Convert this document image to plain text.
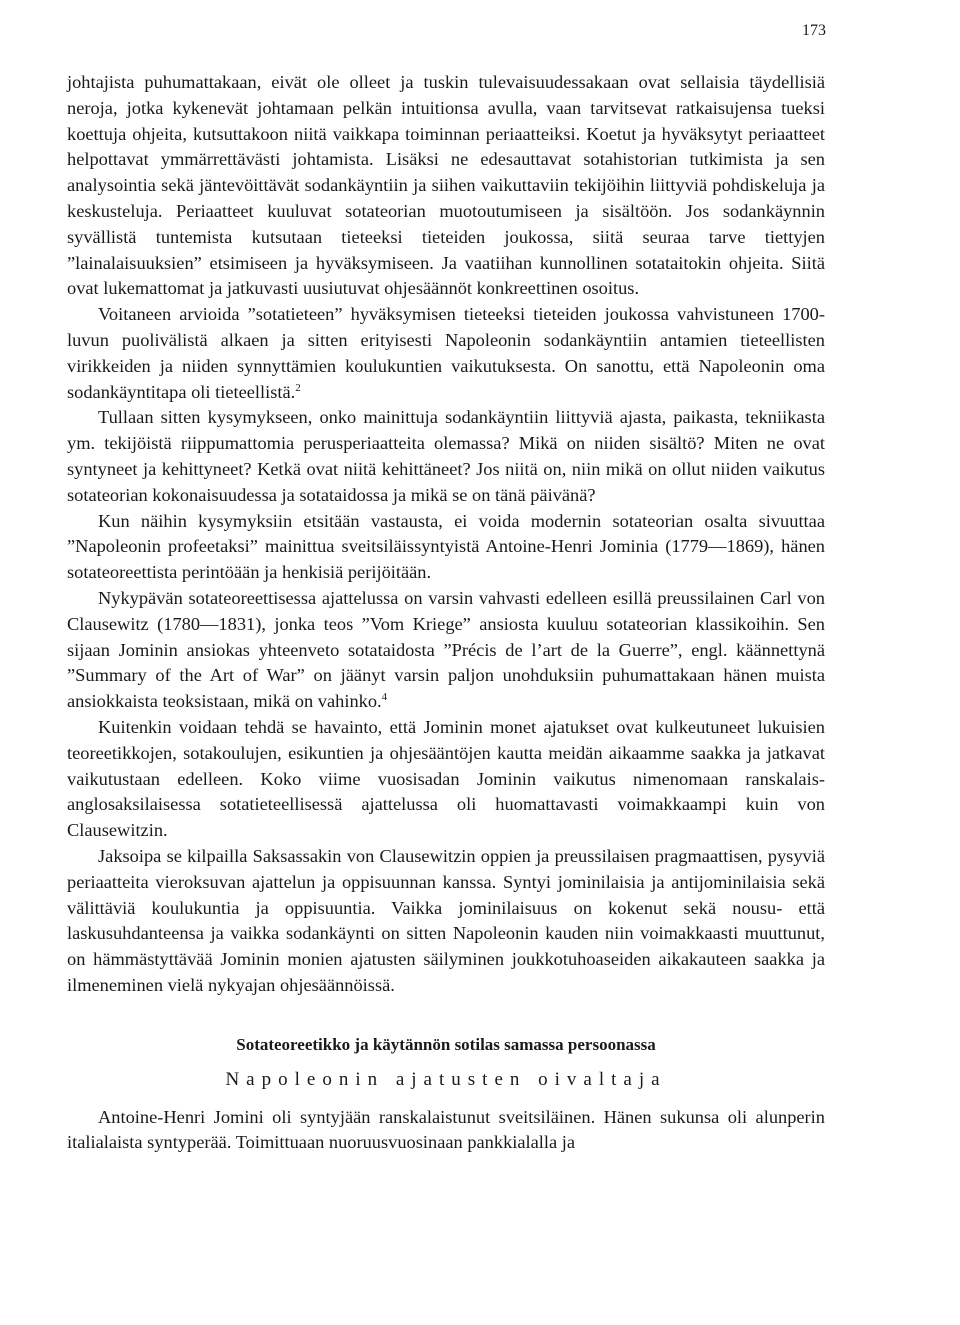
173

johtajista puhumattakaan, eivät ole olleet ja tuskin tulevaisuudessakaan ovat sellaisia täydellisiä neroja, jotka kykenevät johtamaan pelkän intuitionsa avulla, vaan tarvitsevat ratkaisujensa tueksi koettuja ohjeita, kutsuttakoon niitä vaikkapa toiminnan periaatteiksi. Koetut ja hyväksytyt periaatteet helpottavat ymmärrettävästi johtamista. Lisäksi ne edesauttavat sotahistorian tutkimista ja sen analysointia sekä jäntevöittävät sodankäyntiin ja siihen vaikuttaviin tekijöihin liittyviä pohdiskeluja ja keskusteluja. Periaatteet kuuluvat sotateorian muotoutumiseen ja sisältöön. Jos sodankäynnin syvällistä tuntemista kutsutaan tieteeksi tieteiden joukossa, siitä seuraa tarve tiettyjen ”lainalaisuuksien” etsimiseen ja hyväksymiseen. Ja vaatiihan kunnollinen sotataitokin ohjeita. Siitä ovat lukemattomat ja jatkuvasti uusiutuvat ohjesäännöt konkreettinen osoitus.

Voitaneen arvioida ”sotatieteen” hyväksymisen tieteeksi tieteiden joukossa vahvistuneen 1700-luvun puolivälistä alkaen ja sitten erityisesti Napoleonin sodankäyntiin antamien tieteellisten virikkeiden ja niiden synnyttämien koulukuntien vaikutuksesta. On sanottu, että Napoleonin oma sodankäyntitapa oli tieteellistä.$^2$

Tullaan sitten kysymykseen, onko mainittuja sodankäyntiin liittyviä ajasta, paikasta, tekniikasta ym. tekijöistä riippumattomia perusperiaatteita olemassa? Mikä on niiden sisältö? Miten ne ovat syntyneet ja kehittyneet? Ketkä ovat niitä kehittäneet? Jos niitä on, niin mikä on ollut niiden vaikutus sotateorian kokonaisuudessa ja sotataidossa ja mikä se on tänä päivänä?

Kun näihin kysymyksiin etsitään vastausta, ei voida modernin sotateorian osalta sivuuttaa ”Napoleonin profeetaksi” mainittua sveitsiläissyntyistä Antoine-Henri Jominia (1779—1869), hänen sotateoreettista perintöään ja henkisiä perijöitään.

Nykypävän sotateoreettisessa ajattelussa on varsin vahvasti edelleen esillä preussilainen Carl von Clausewitz (1780—1831), jonka teos ”Vom Kriege” ansiosta kuuluu sotateorian klassikoihin. Sen sijaan Jominin ansiokas yhteenveto sotataidosta ”Précis de l’art de la Guerre”, engl. käännettynä ”Summary of the Art of War” on jäänyt varsin paljon unohduksiin puhumattakaan hänen muista ansiokkaista teoksistaan, mikä on vahinko.$^4$

Kuitenkin voidaan tehdä se havainto, että Jominin monet ajatukset ovat kulkeutuneet lukuisien teoreetikkojen, sotakoulujen, esikuntien ja ohjesääntöjen kautta meidän aikaamme saakka ja jatkavat vaikutustaan edelleen. Koko viime vuosisadan Jominin vaikutus nimenomaan ranskalais-anglosaksilaisessa sotatieteellisessä ajattelussa oli huomattavasti voimakkaampi kuin von Clausewitzin.

Jaksoipa se kilpailla Saksassakin von Clausewitzin oppien ja preussilaisen pragmaattisen, pysyviä periaatteita vieroksuvan ajattelun ja oppisuunnan kanssa. Syntyi jominilaisia ja antijominilaisia sekä välittäviä koulukuntia ja oppisuuntia. Vaikka jominilaisuus on kokenut sekä nousu- että laskusuhdanteensa ja vaikka sodankäynti on sitten Napoleonin kauden niin voimakkaasti muuttunut, on hämmästyttävää Jominin monien ajatusten säilyminen joukkotuhoaseiden aikakauteen saakka ja ilmeneminen vielä nykyajan ohjesäännöissä.

Sotateoreetikko ja käytännön sotilas samassa persoonassa
Napoleonin ajatusten oivaltaja

Antoine-Henri Jomini oli syntyjään ranskalaistunut sveitsiläinen. Hänen sukunsa oli alunperin italialaista syntyperää. Toimittuaan nuoruusvuosinaan pankkialalla ja
